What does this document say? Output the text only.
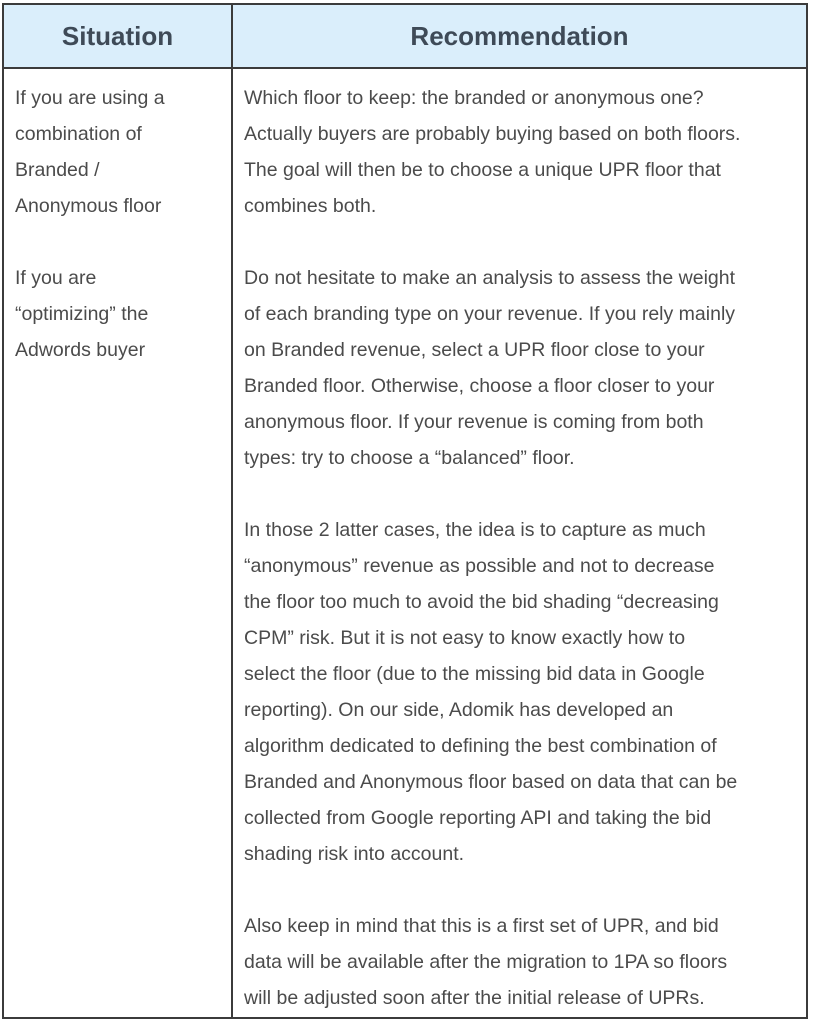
Situation	Recommendation
If you are using a
combination of
Branded /
Anonymous floor

If you are
“optimizing” the
Adwords buyer
Which floor to keep: the branded or anonymous one?
Actually buyers are probably buying based on both floors.
The goal will then be to choose a unique UPR floor that
combines both.
Do not hesitate to make an analysis to assess the weight
of each branding type on your revenue. If you rely mainly
on Branded revenue, select a UPR floor close to your
Branded floor. Otherwise, choose a floor closer to your
anonymous floor. If your revenue is coming from both
types: try to choose a “balanced” floor.
In those 2 latter cases, the idea is to capture as much
“anonymous” revenue as possible and not to decrease
the floor too much to avoid the bid shading “decreasing
CPM” risk. But it is not easy to know exactly how to
select the floor (due to the missing bid data in Google
reporting). On our side, Adomik has developed an
algorithm dedicated to defining the best combination of
Branded and Anonymous floor based on data that can be
collected from Google reporting API and taking the bid
shading risk into account.
Also keep in mind that this is a first set of UPR, and bid
data will be available after the migration to 1PA so floors
will be adjusted soon after the initial release of UPRs.
